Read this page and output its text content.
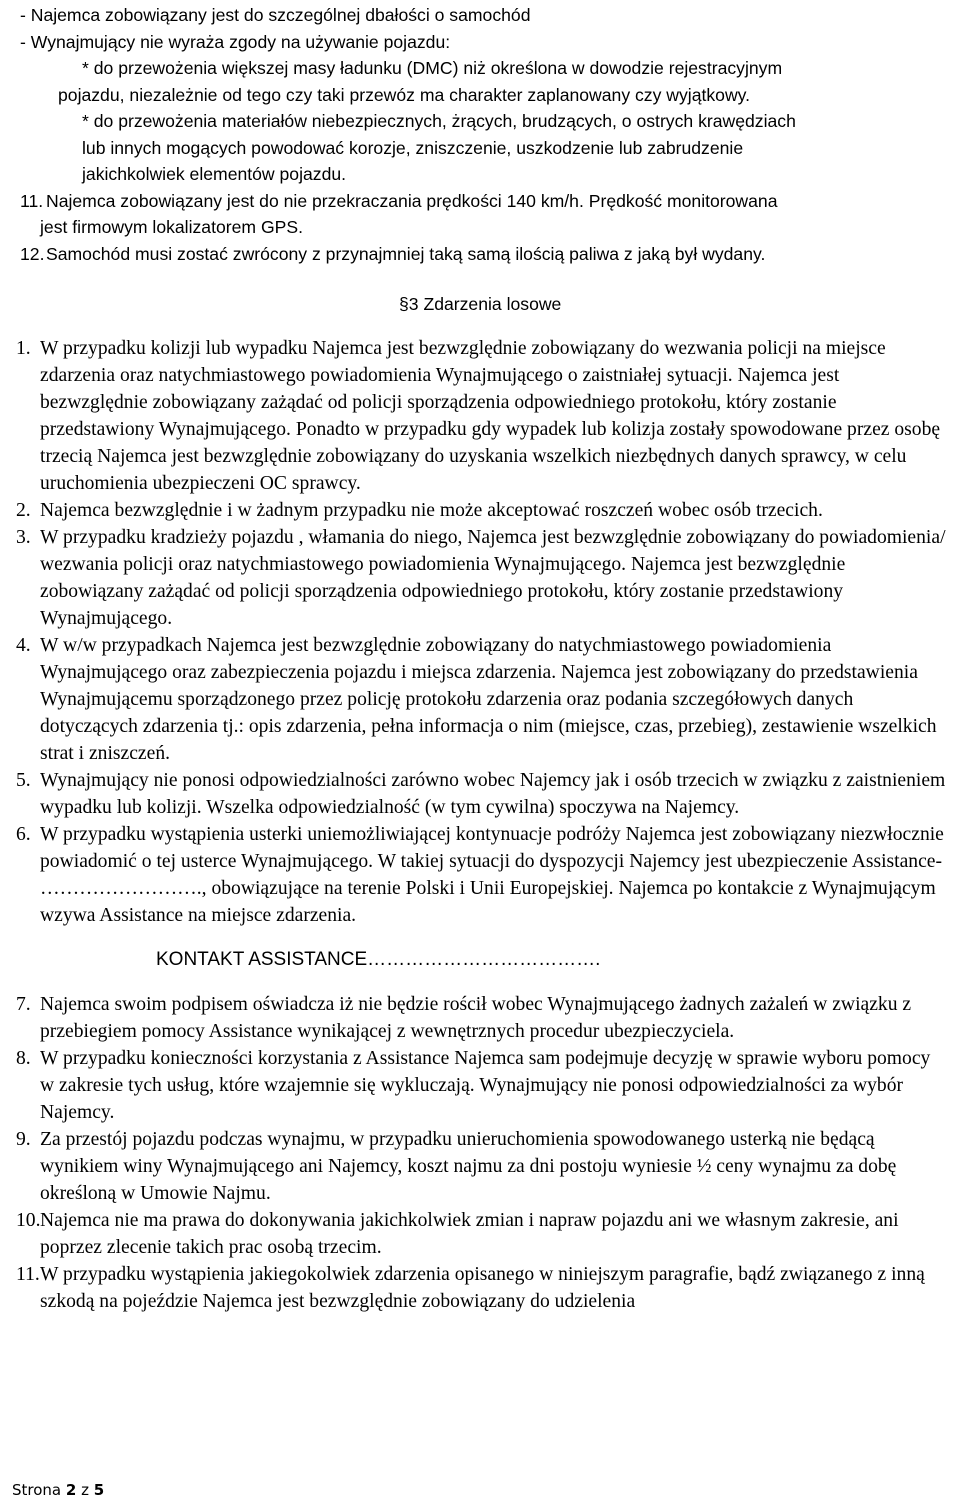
- Najemca zobowiązany jest do szczególnej dbałości o samochód
- Wynajmujący nie wyraża zgody na używanie pojazdu:
* do przewożenia większej masy ładunku (DMC) niż określona w dowodzie rejestracyjnym
pojazdu, niezależnie od tego czy taki przewóz ma charakter zaplanowany czy wyjątkowy.
* do przewożenia materiałów niebezpiecznych, żrących, brudzących, o ostrych krawędziach
lub innych mogących powodować korozje, zniszczenie, uszkodzenie lub zabrudzenie
jakichkolwiek elementów pojazdu.
11. Najemca zobowiązany jest do nie przekraczania prędkości 140 km/h. Prędkość monitorowana
jest firmowym lokalizatorem GPS.
12. Samochód musi zostać zwrócony z przynajmniej taką samą ilością paliwa z jaką był wydany.
§3 Zdarzenia losowe
1. W przypadku kolizji lub wypadku Najemca jest bezwzględnie zobowiązany do wezwania policji na miejsce zdarzenia oraz natychmiastowego powiadomienia Wynajmującego o zaistniałej sytuacji. Najemca jest bezwzględnie zobowiązany zażądać od policji sporządzenia odpowiedniego protokołu, który zostanie przedstawiony Wynajmującego. Ponadto w przypadku gdy wypadek lub kolizja zostały spowodowane przez osobę trzecią Najemca jest bezwzględnie zobowiązany do uzyskania wszelkich niezbędnych danych sprawcy, w celu uruchomienia ubezpieczeni OC sprawcy.
2. Najemca bezwzględnie i w żadnym przypadku nie może akceptować roszczeń wobec osób trzecich.
3. W przypadku kradzieży pojazdu , włamania do niego, Najemca jest bezwzględnie zobowiązany do powiadomienia/ wezwania policji oraz natychmiastowego powiadomienia Wynajmującego. Najemca jest bezwzględnie zobowiązany zażądać od policji sporządzenia odpowiedniego protokołu, który zostanie przedstawiony Wynajmującego.
4. W w/w przypadkach Najemca jest bezwzględnie zobowiązany do natychmiastowego powiadomienia Wynajmującego oraz zabezpieczenia pojazdu i miejsca zdarzenia. Najemca jest zobowiązany do przedstawienia Wynajmującemu sporządzonego przez policję protokołu zdarzenia oraz podania szczegółowych danych dotyczących zdarzenia tj.: opis zdarzenia, pełna informacja o nim (miejsce, czas, przebieg), zestawienie wszelkich strat i zniszczeń.
5. Wynajmujący nie ponosi odpowiedzialności zarówno wobec Najemcy jak i osób trzecich w związku z zaistnieniem wypadku lub kolizji. Wszelka odpowiedzialność (w tym cywilna) spoczywa na Najemcy.
6. W przypadku wystąpienia usterki uniemożliwiającej kontynuacje podróży Najemca jest zobowiązany niezwłocznie powiadomić o tej usterce Wynajmującego. W takiej sytuacji do dyspozycji Najemcy jest ubezpieczenie Assistance- ……………………., obowiązujące na terenie Polski i Unii Europejskiej. Najemca po kontakcie z Wynajmującym wzywa Assistance na miejsce zdarzenia.
KONTAKT ASSISTANCE……………………………….
7. Najemca swoim podpisem oświadcza iż nie będzie rościł wobec Wynajmującego żadnych zażaleń w związku z przebiegiem pomocy Assistance wynikającej z wewnętrznych procedur ubezpieczyciela.
8. W przypadku konieczności korzystania z Assistance Najemca sam podejmuje decyzję w sprawie wyboru pomocy w zakresie tych usług, które wzajemnie się wykluczają. Wynajmujący nie ponosi odpowiedzialności za wybór Najemcy.
9. Za przestój pojazdu podczas wynajmu, w przypadku unieruchomienia spowodowanego usterką nie będącą wynikiem winy Wynajmującego ani Najemcy, koszt najmu za dni postoju wyniesie ½ ceny wynajmu za dobę określoną w Umowie Najmu.
10. Najemca nie ma prawa do dokonywania jakichkolwiek zmian i napraw pojazdu ani we własnym zakresie, ani poprzez zlecenie takich prac osobą trzecim.
11. W przypadku wystąpienia jakiegokolwiek zdarzenia opisanego w niniejszym paragrafie, bądź związanego z inną szkodą na pojeździe Najemca jest bezwzględnie zobowiązany do udzielenia
Strona 2 z 5
